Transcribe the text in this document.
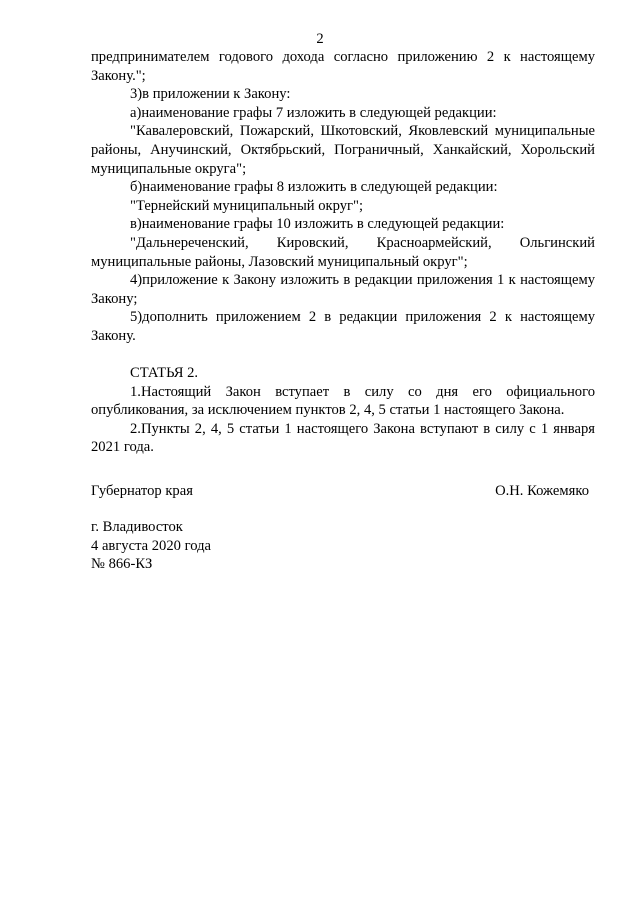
2

предпринимателем годового дохода согласно приложению 2 к настоящему Закону.";

3)в приложении к Закону:

а)наименование графы 7 изложить в следующей редакции:

"Кавалеровский, Пожарский, Шкотовский, Яковлевский муниципальные районы, Анучинский, Октябрьский, Пограничный, Ханкайский, Хорольский муниципальные округа";

б)наименование графы 8 изложить в следующей редакции:

"Тернейский муниципальный округ";

в)наименование графы 10 изложить в следующей редакции:

"Дальнереченский, Кировский, Красноармейский, Ольгинский муниципальные районы, Лазовский муниципальный округ";

4)приложение к Закону изложить в редакции приложения 1 к настоящему Закону;

5)дополнить приложением 2 в редакции приложения 2 к настоящему Закону.

СТАТЬЯ 2.

1.Настоящий Закон вступает в силу со дня его официального опубликования, за исключением пунктов 2, 4, 5 статьи 1 настоящего Закона.

2.Пункты 2, 4, 5 статьи 1 настоящего Закона вступают в силу с 1 января 2021 года.

Губернатор края	О.Н. Кожемяко
г. Владивосток
4 августа 2020 года
№ 866-КЗ
